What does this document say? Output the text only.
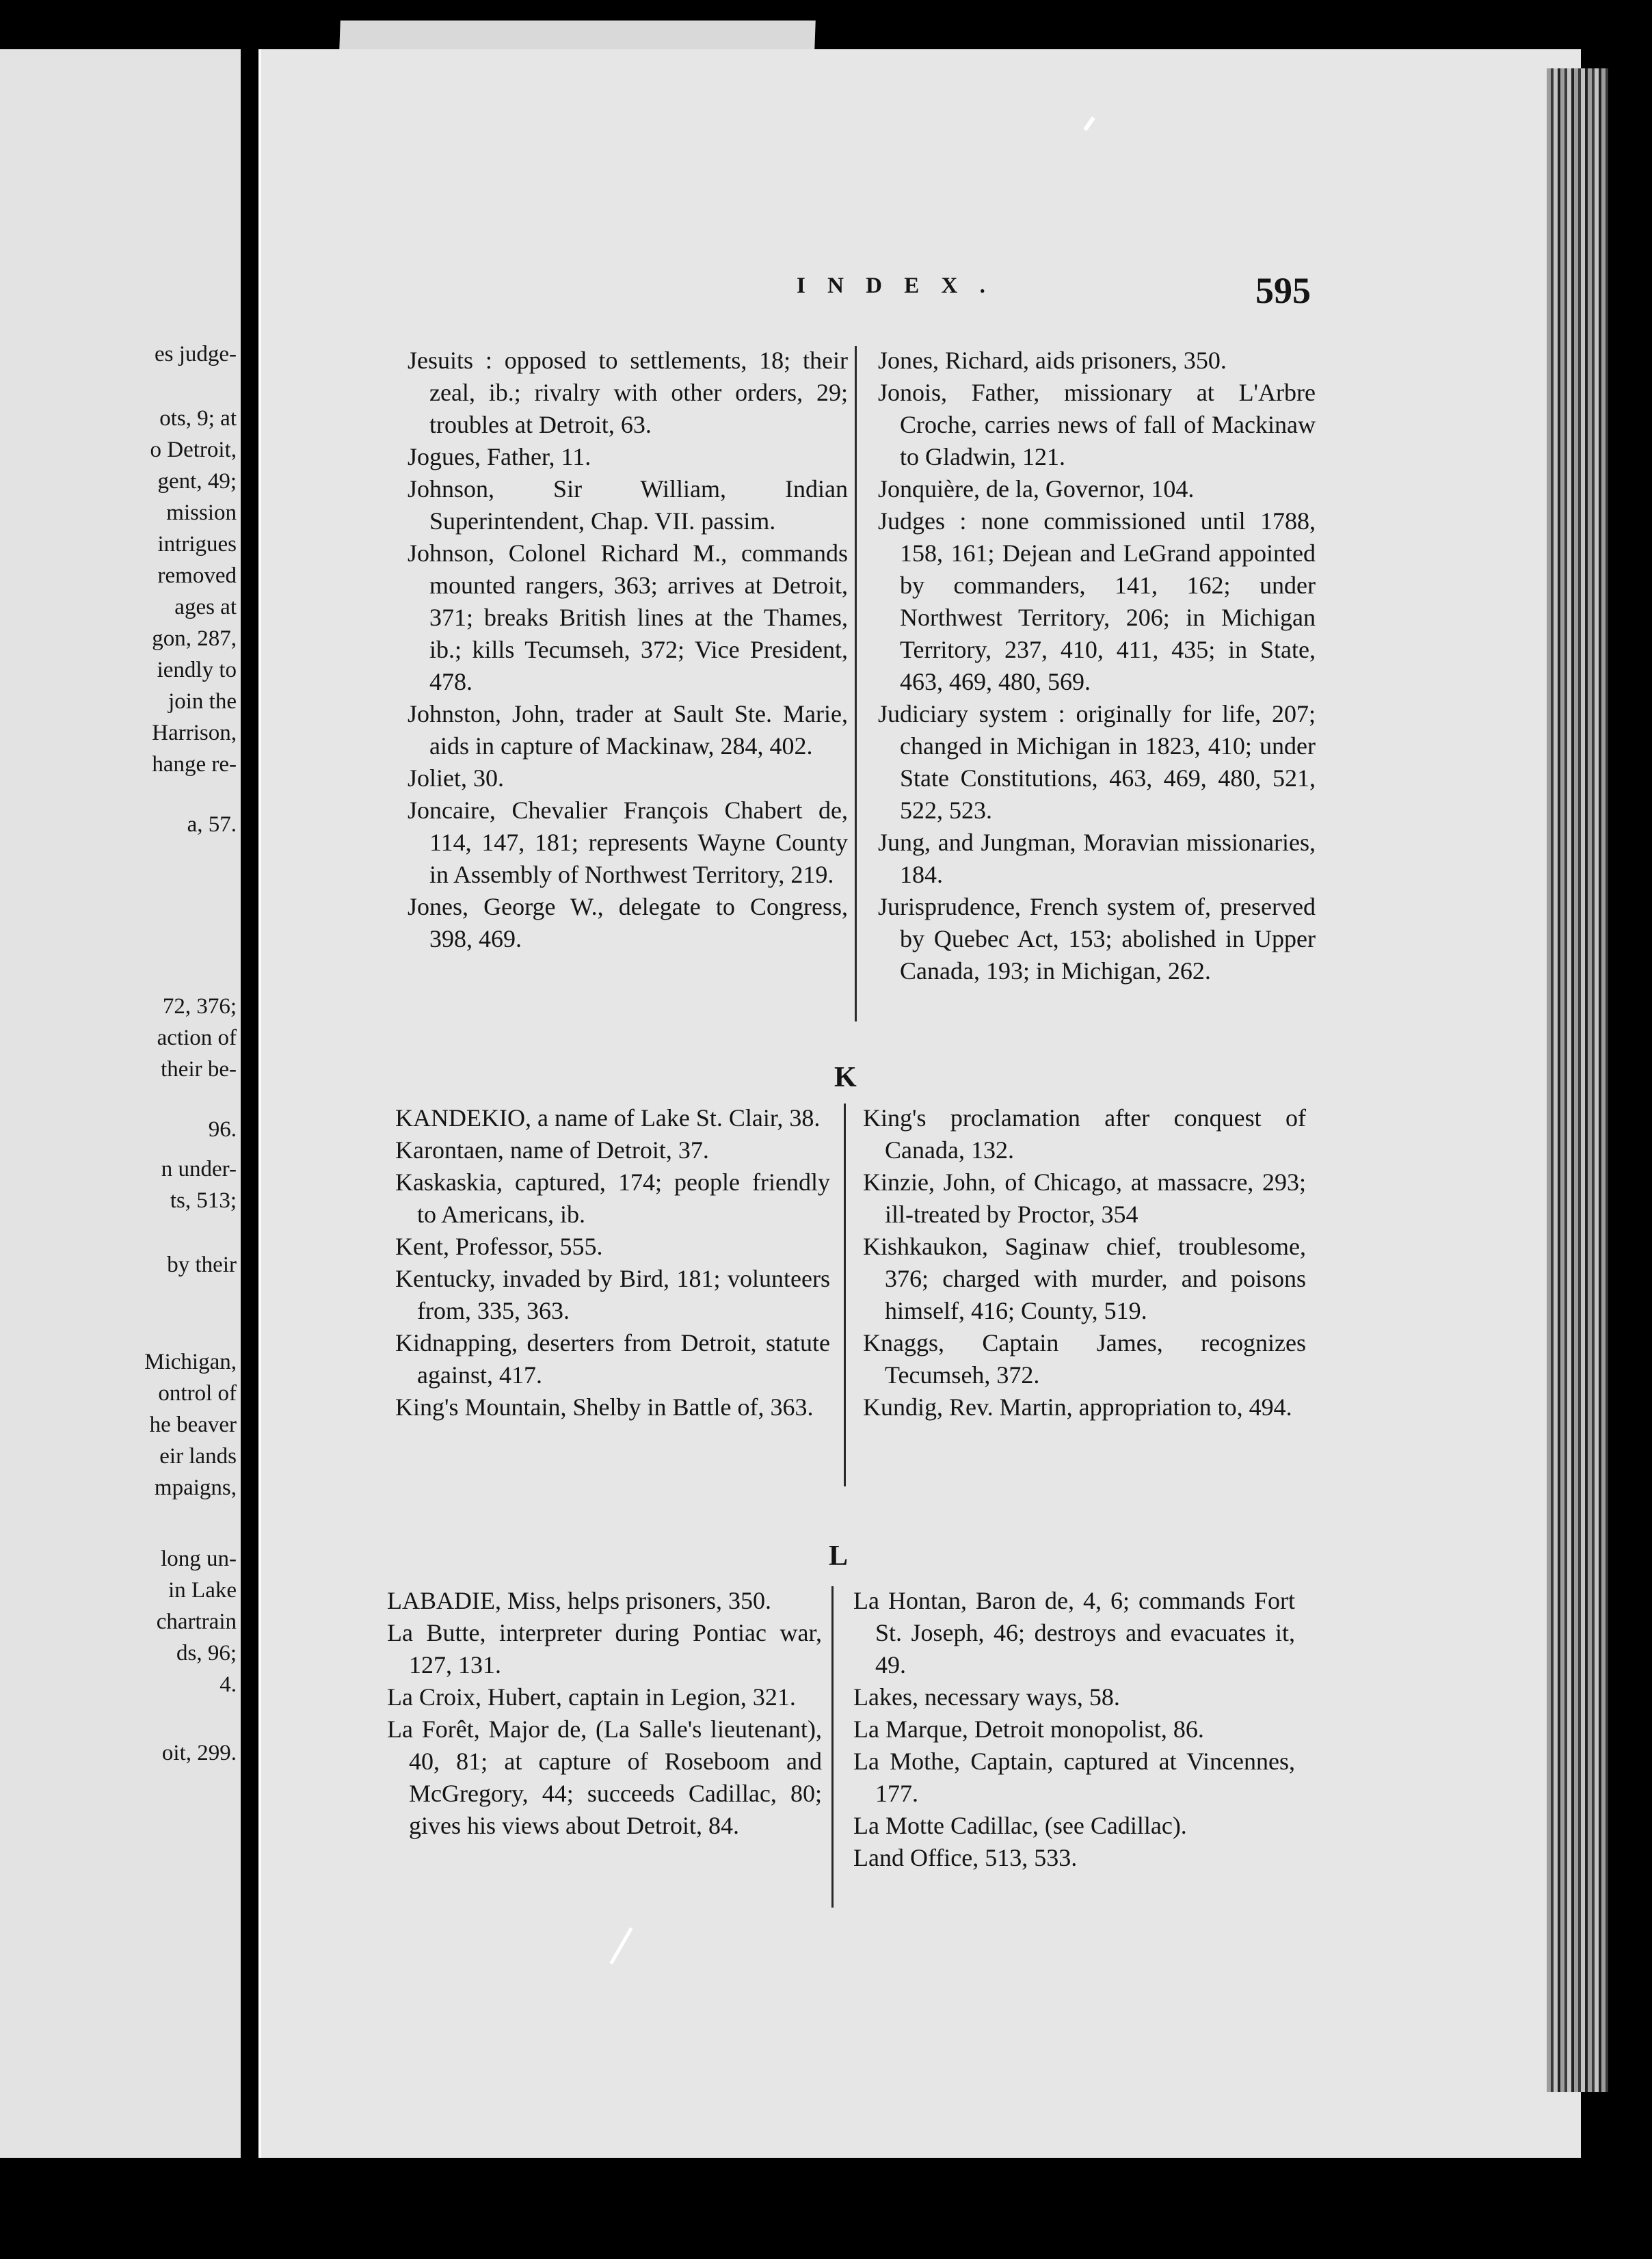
es judge-
ots, 9; at
o Detroit,
gent, 49;
mission
intrigues
removed
ages at
gon, 287,
iendly to
join the
Harrison,
hange re-
a, 57.
72, 376;
action of
their be-
96.
n under-
ts, 513;
by their
Michigan,
ontrol of
he beaver
eir lands
mpaigns,
long un-
in Lake
chartrain
ds, 96;
4.
oit, 299.
I N D E X .	595

Jesuits : opposed to settlements, 18; their zeal, ib.; rivalry with other orders, 29; troubles at Detroit, 63.

Jogues, Father, 11.

Johnson, Sir William, Indian Superintendent, Chap. VII. passim.

Johnson, Colonel Richard M., commands mounted rangers, 363; arrives at Detroit, 371; breaks British lines at the Thames, ib.; kills Tecumseh, 372; Vice President, 478.

Johnston, John, trader at Sault Ste. Marie, aids in capture of Mackinaw, 284, 402.

Joliet, 30.

Joncaire, Chevalier François Chabert de, 114, 147, 181; represents Wayne County in Assembly of Northwest Territory, 219.

Jones, George W., delegate to Congress, 398, 469.

Jones, Richard, aids prisoners, 350.

Jonois, Father, missionary at L'Arbre Croche, carries news of fall of Mackinaw to Gladwin, 121.

Jonquière, de la, Governor, 104.

Judges : none commissioned until 1788, 158, 161; Dejean and LeGrand appointed by commanders, 141, 162; under Northwest Territory, 206; in Michigan Territory, 237, 410, 411, 435; in State, 463, 469, 480, 569.

Judiciary system : originally for life, 207; changed in Michigan in 1823, 410; under State Constitutions, 463, 469, 480, 521, 522, 523.

Jung, and Jungman, Moravian missionaries, 184.

Jurisprudence, French system of, preserved by Quebec Act, 153; abolished in Upper Canada, 193; in Michigan, 262.

K

KANDEKIO, a name of Lake St. Clair, 38.

Karontaen, name of Detroit, 37.

Kaskaskia, captured, 174; people friendly to Americans, ib.

Kent, Professor, 555.

Kentucky, invaded by Bird, 181; volunteers from, 335, 363.

Kidnapping, deserters from Detroit, statute against, 417.

King's Mountain, Shelby in Battle of, 363.

King's proclamation after conquest of Canada, 132.

Kinzie, John, of Chicago, at massacre, 293; ill-treated by Proctor, 354

Kishkaukon, Saginaw chief, troublesome, 376; charged with murder, and poisons himself, 416; County, 519.

Knaggs, Captain James, recognizes Tecumseh, 372.

Kundig, Rev. Martin, appropriation to, 494.

L

LABADIE, Miss, helps prisoners, 350.

La Butte, interpreter during Pontiac war, 127, 131.

La Croix, Hubert, captain in Legion, 321.

La Forêt, Major de, (La Salle's lieutenant), 40, 81; at capture of Roseboom and McGregory, 44; succeeds Cadillac, 80; gives his views about Detroit, 84.

La Hontan, Baron de, 4, 6; commands Fort St. Joseph, 46; destroys and evacuates it, 49.

Lakes, necessary ways, 58.

La Marque, Detroit monopolist, 86.

La Mothe, Captain, captured at Vincennes, 177.

La Motte Cadillac, (see Cadillac).

Land Office, 513, 533.
